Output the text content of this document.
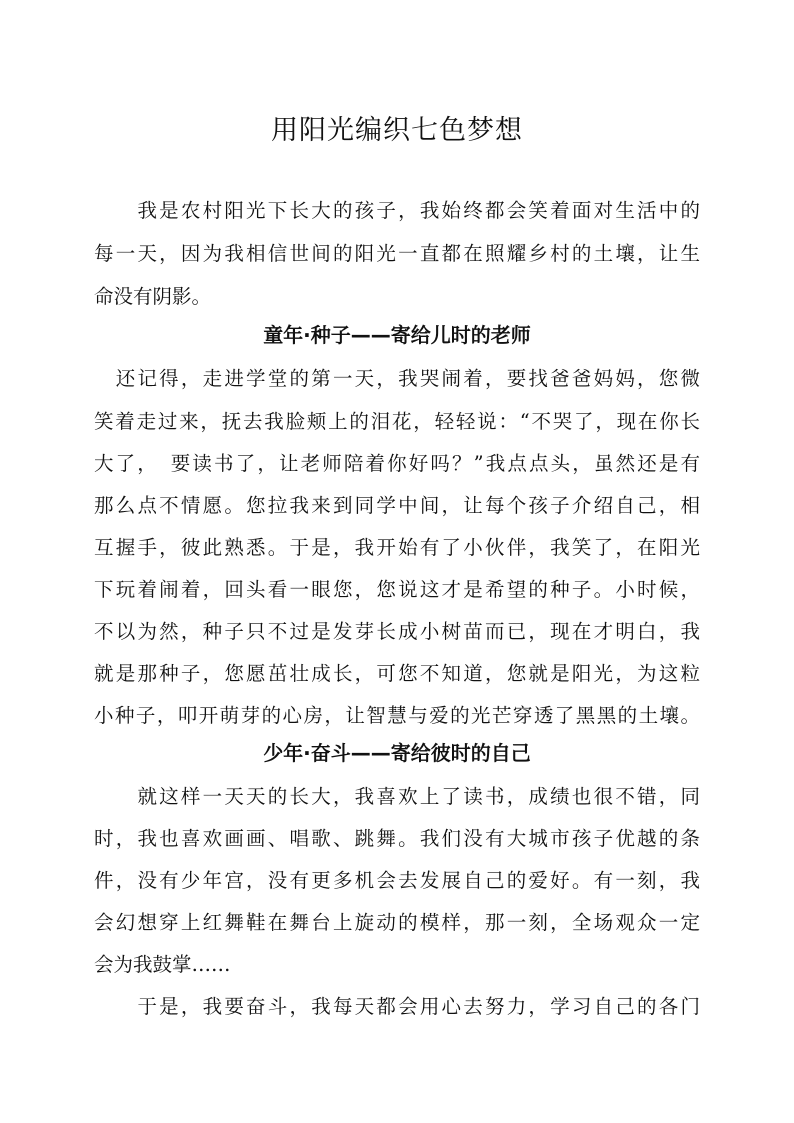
用阳光编织七色梦想
　　我是农村阳光下长大的孩子，我始终都会笑着面对生活中的
每一天，因为我相信世间的阳光一直都在照耀乡村的土壤，让生
命没有阴影。
童年·种子——寄给儿时的老师
　还记得，走进学堂的第一天，我哭闹着，要找爸爸妈妈，您微
笑着走过来，抚去我脸颊上的泪花，轻轻说：“不哭了，现在你长
大了，　要读书了，让老师陪着你好吗？”我点点头，虽然还是有
那么点不情愿。您拉我来到同学中间，让每个孩子介绍自己，相
互握手，彼此熟悉。于是，我开始有了小伙伴，我笑了，在阳光
下玩着闹着，回头看一眼您，您说这才是希望的种子。小时候，
不以为然，种子只不过是发芽长成小树苗而已，现在才明白，我
就是那种子，您愿茁壮成长，可您不知道，您就是阳光，为这粒
小种子，叩开萌芽的心房，让智慧与爱的光芒穿透了黑黑的土壤。
少年·奋斗——寄给彼时的自己
　　就这样一天天的长大，我喜欢上了读书，成绩也很不错，同
时，我也喜欢画画、唱歌、跳舞。我们没有大城市孩子优越的条
件，没有少年宫，没有更多机会去发展自己的爱好。有一刻，我
会幻想穿上红舞鞋在舞台上旋动的模样，那一刻，全场观众一定
会为我鼓掌……
　　于是，我要奋斗，我每天都会用心去努力，学习自己的各门
